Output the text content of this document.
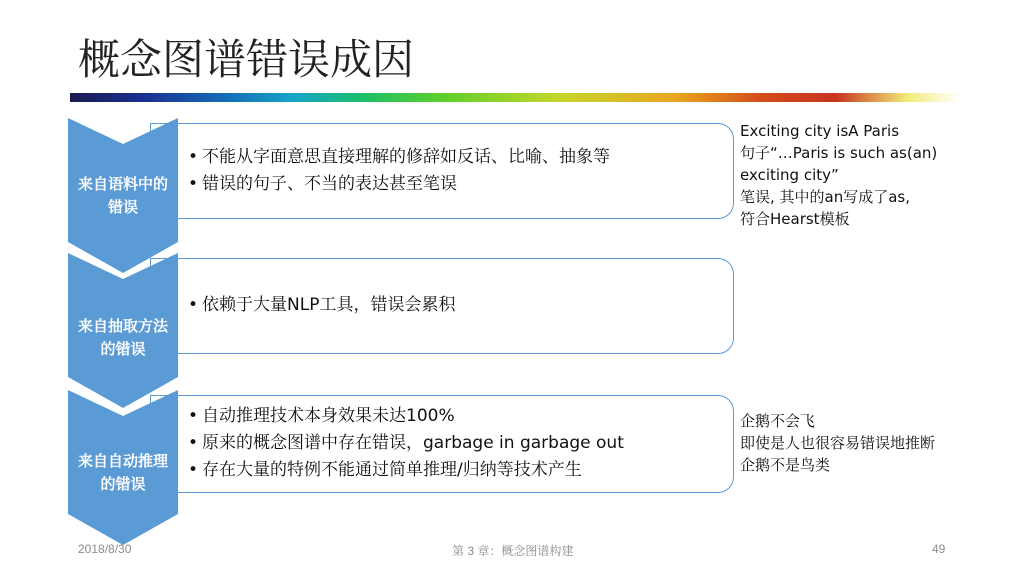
概念图谱错误成因
来自语料中的
错误
• 不能从字面意思直接理解的修辞如反话、比喻、抽象等
• 错误的句子、不当的表达甚至笔误
来自抽取方法
的错误
• 依赖于大量NLP工具，错误会累积
来自自动推理
的错误
• 自动推理技术本身效果未达100%
• 原来的概念图谱中存在错误，garbage in garbage out
• 存在大量的特例不能通过简单推理/归纳等技术产生
Exciting city isA Paris
句子“…Paris is such as(an)
exciting city”
笔误, 其中的an写成了as,
符合Hearst模板
企鹅不会飞
即使是人也很容易错误地推断
企鹅不是鸟类
2018/8/30	第 3 章：概念图谱构建	49
